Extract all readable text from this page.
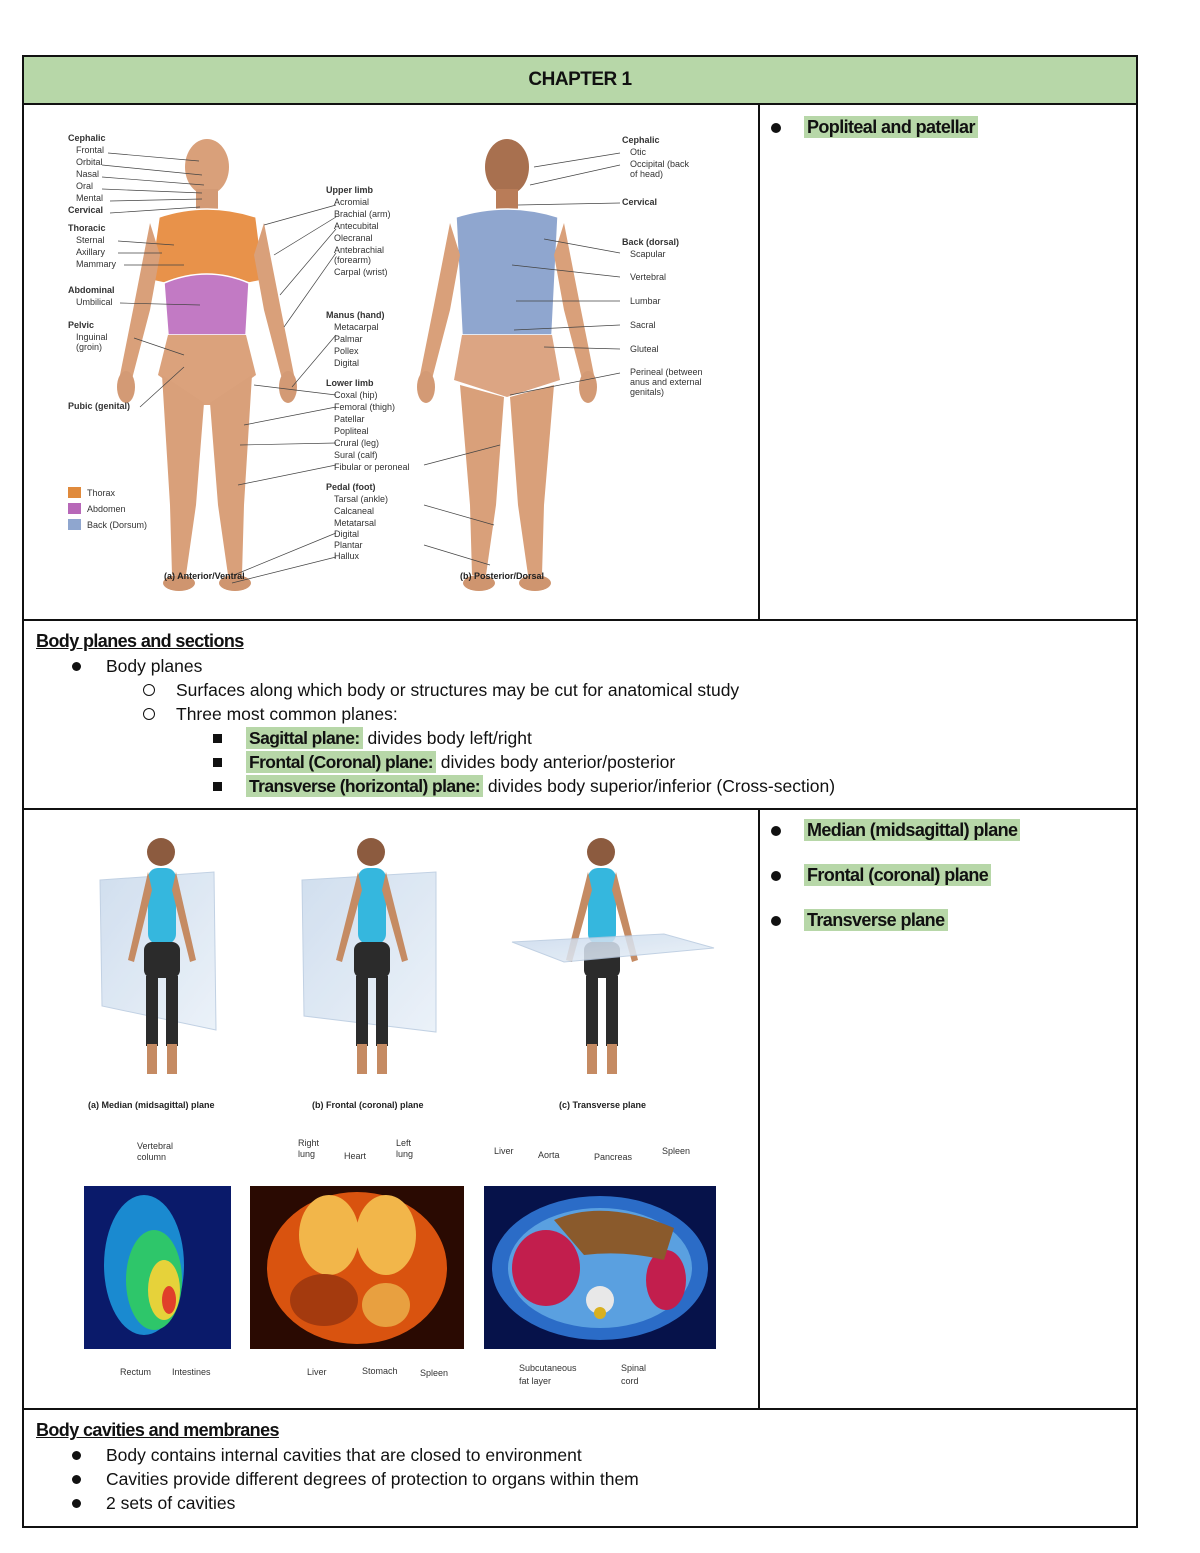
CHAPTER 1
Cephalic
Frontal
Orbital
Nasal
Oral
Mental
Cervical
Thoracic
Sternal
Axillary
Mammary
Abdominal
Umbilical
Pelvic
Inguinal
(groin)
Pubic (genital)
Upper limb
Acromial
Brachial (arm)
Antecubital
Olecranal
Antebrachial
(forearm)
Carpal (wrist)
Manus (hand)
Metacarpal
Palmar
Pollex
Digital
Lower limb
Coxal (hip)
Femoral (thigh)
Patellar
Popliteal
Crural (leg)
Sural (calf)
Fibular or peroneal
Pedal (foot)
Tarsal (ankle)
Calcaneal
Metatarsal
Digital
Plantar
Hallux
Cephalic
Otic
Occipital (back
of head)
Cervical
Back (dorsal)
Scapular
Vertebral
Lumbar
Sacral
Gluteal
Perineal (between
anus and external
genitals)
Thorax
Abdomen
Back (Dorsum)
(a) Anterior/Ventral	(b) Posterior/Dorsal
Popliteal and patellar
Body planes and sections
Body planes
Surfaces along which body or structures may be cut for anatomical study
Three most common planes:
Sagittal plane: divides body left/right
Frontal (Coronal) plane: divides body anterior/posterior
Transverse (horizontal) plane: divides body superior/inferior (Cross-section)
(a) Median (midsagittal) plane	(b) Frontal (coronal) plane	(c) Transverse plane
Vertebral
column
Rectum Intestines
Right
lung	Heart
Left
lung
Liver	Stomach Spleen
Liver	Aorta	Pancreas
Spleen
Subcutaneous
fat layer
Spinal
cord
Median (midsagittal) plane
Frontal (coronal) plane
Transverse plane
Body cavities and membranes
Body contains internal cavities that are closed to environment
Cavities provide different degrees of protection to organs within them
2 sets of cavities
